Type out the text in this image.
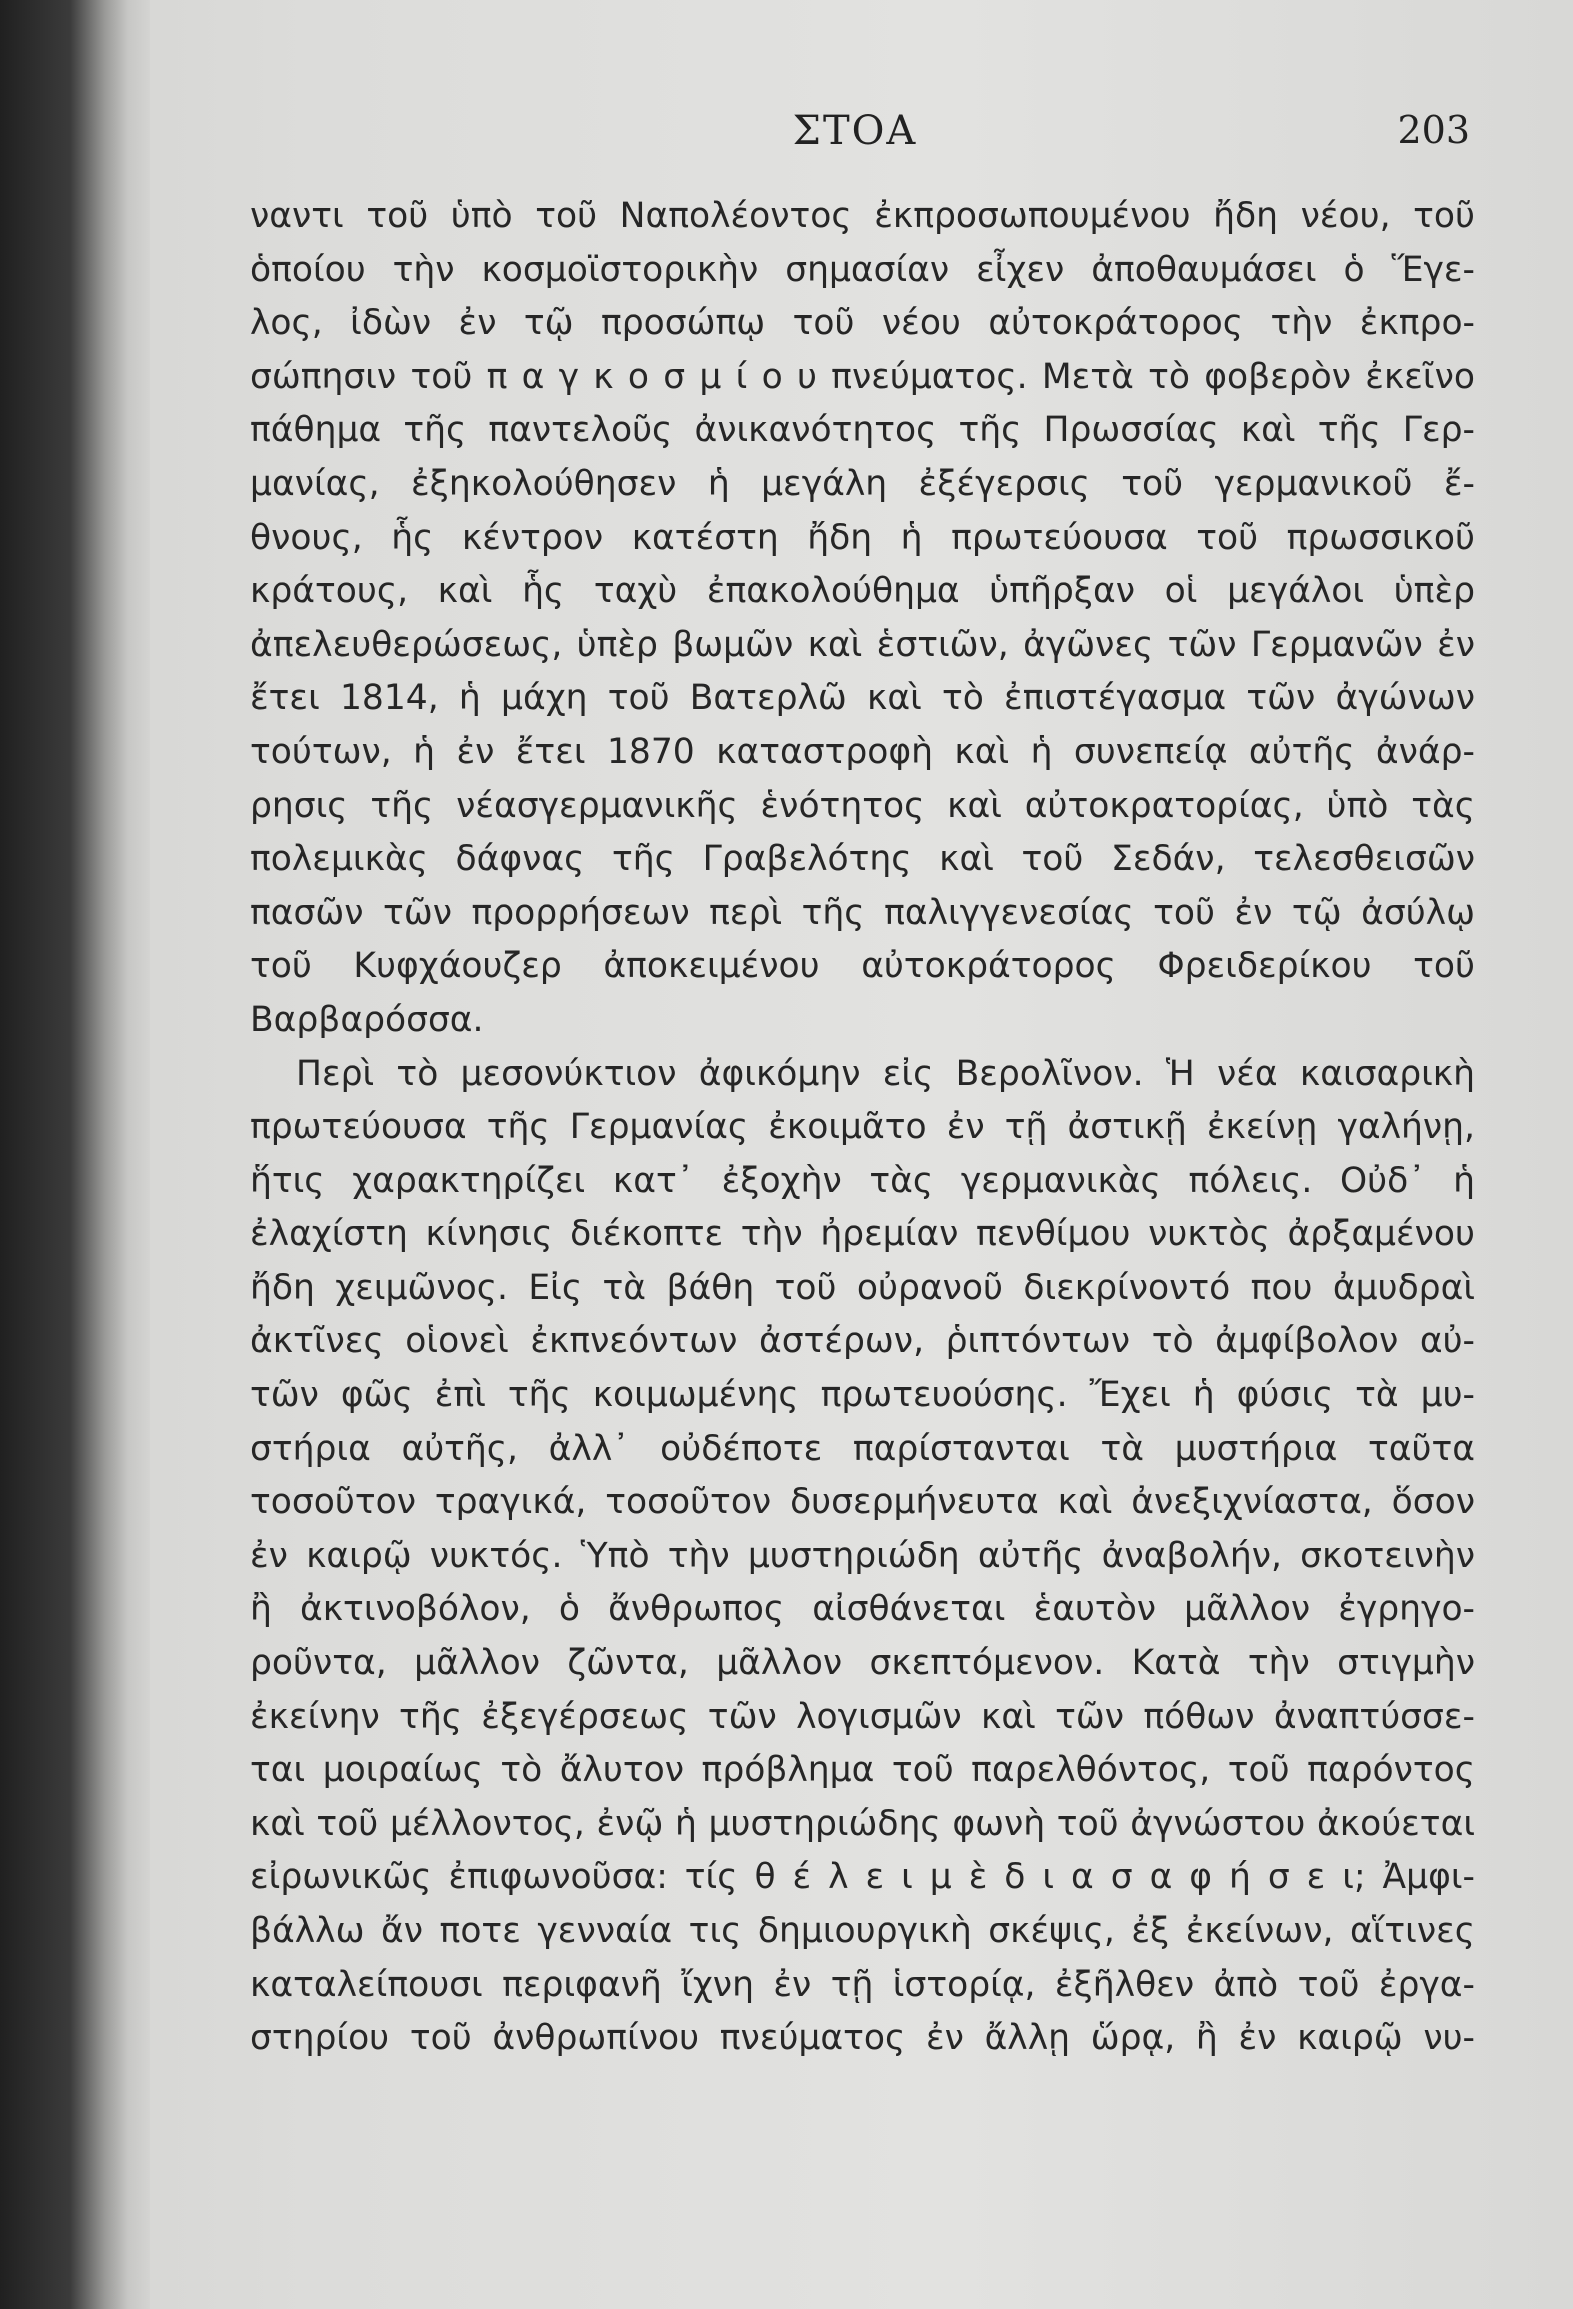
ΣΤΟΑ	203
ναντι τοῦ ὑπὸ τοῦ Ναπολέοντος ἐκπροσωπουμένου ἤδη νέου, τοῦ
ὁποίου τὴν κοσμοϊστορικὴν σημασίαν εἶχεν ἀποθαυμάσει ὁ Ἕγε-
λος, ἰδὼν ἐν τῷ προσώπῳ τοῦ νέου αὐτοκράτορος τὴν ἐκπρο-
σώπησιν τοῦ π α γ κ ο σ μ ί ο υ πνεύματος. Μετὰ τὸ φοβερὸν ἐκεῖνο
πάθημα τῆς παντελοῦς ἀνικανότητος τῆς Πρωσσίας καὶ τῆς Γερ-
μανίας, ἐξηκολούθησεν ἡ μεγάλη ἐξέγερσις τοῦ γερμανικοῦ ἔ-
θνους, ἧς κέντρον κατέστη ἤδη ἡ πρωτεύουσα τοῦ πρωσσικοῦ
κράτους, καὶ ἧς ταχὺ ἐπακολούθημα ὑπῆρξαν οἱ μεγάλοι ὑπὲρ
ἀπελευθερώσεως, ὑπὲρ βωμῶν καὶ ἑστιῶν, ἀγῶνες τῶν Γερμανῶν ἐν
ἔτει 1814, ἡ μάχη τοῦ Βατερλῶ καὶ τὸ ἐπιστέγασμα τῶν ἀγώνων
τούτων, ἡ ἐν ἔτει 1870 καταστροφὴ καὶ ἡ συνεπείᾳ αὐτῆς ἀνάρ-
ρησις τῆς νέασγερμανικῆς ἑνότητος καὶ αὐτοκρατορίας, ὑπὸ τὰς
πολεμικὰς δάφνας τῆς Γραβελότης καὶ τοῦ Σεδάν, τελεσθεισῶν
πασῶν τῶν προρρήσεων περὶ τῆς παλιγγενεσίας τοῦ ἐν τῷ ἀσύλῳ
τοῦ Κυφχάουζερ ἀποκειμένου αὐτοκράτορος Φρειδερίκου τοῦ
Βαρβαρόσσα.
Περὶ τὸ μεσονύκτιον ἀφικόμην εἰς Βερολῖνον. Ἡ νέα καισαρικὴ
πρωτεύουσα τῆς Γερμανίας ἐκοιμᾶτο ἐν τῇ ἀστικῇ ἐκείνῃ γαλήνῃ,
ἥτις χαρακτηρίζει κατ᾽ ἐξοχὴν τὰς γερμανικὰς πόλεις. Οὐδ᾽ ἡ
ἐλαχίστη κίνησις διέκοπτε τὴν ἠρεμίαν πενθίμου νυκτὸς ἀρξαμένου
ἤδη χειμῶνος. Εἰς τὰ βάθη τοῦ οὐρανοῦ διεκρίνοντό που ἀμυδραὶ
ἀκτῖνες οἱονεὶ ἐκπνεόντων ἀστέρων, ῥιπτόντων τὸ ἀμφίβολον αὐ-
τῶν φῶς ἐπὶ τῆς κοιμωμένης πρωτευούσης. Ἔχει ἡ φύσις τὰ μυ-
στήρια αὐτῆς, ἀλλ᾽ οὐδέποτε παρίστανται τὰ μυστήρια ταῦτα
τοσοῦτον τραγικά, τοσοῦτον δυσερμήνευτα καὶ ἀνεξιχνίαστα, ὅσον
ἐν καιρῷ νυκτός. Ὑπὸ τὴν μυστηριώδη αὐτῆς ἀναβολήν, σκοτεινὴν
ἢ ἀκτινοβόλον, ὁ ἄνθρωπος αἰσθάνεται ἑαυτὸν μᾶλλον ἐγρηγο-
ροῦντα, μᾶλλον ζῶντα, μᾶλλον σκεπτόμενον. Κατὰ τὴν στιγμὴν
ἐκείνην τῆς ἐξεγέρσεως τῶν λογισμῶν καὶ τῶν πόθων ἀναπτύσσε-
ται μοιραίως τὸ ἄλυτον πρόβλημα τοῦ παρελθόντος, τοῦ παρόντος
καὶ τοῦ μέλλοντος, ἐνῷ ἡ μυστηριώδης φωνὴ τοῦ ἀγνώστου ἀκούεται
εἰρωνικῶς ἐπιφωνοῦσα: τίς θ έ λ ε ι μ ὲ δ ι α σ α φ ή σ ε ι; Ἀμφι-
βάλλω ἄν ποτε γενναία τις δημιουργικὴ σκέψις, ἐξ ἐκείνων, αἵτινες
καταλείπουσι περιφανῆ ἴχνη ἐν τῇ ἱστορίᾳ, ἐξῆλθεν ἀπὸ τοῦ ἐργα-
στηρίου τοῦ ἀνθρωπίνου πνεύματος ἐν ἄλλῃ ὥρᾳ, ἢ ἐν καιρῷ νυ-
